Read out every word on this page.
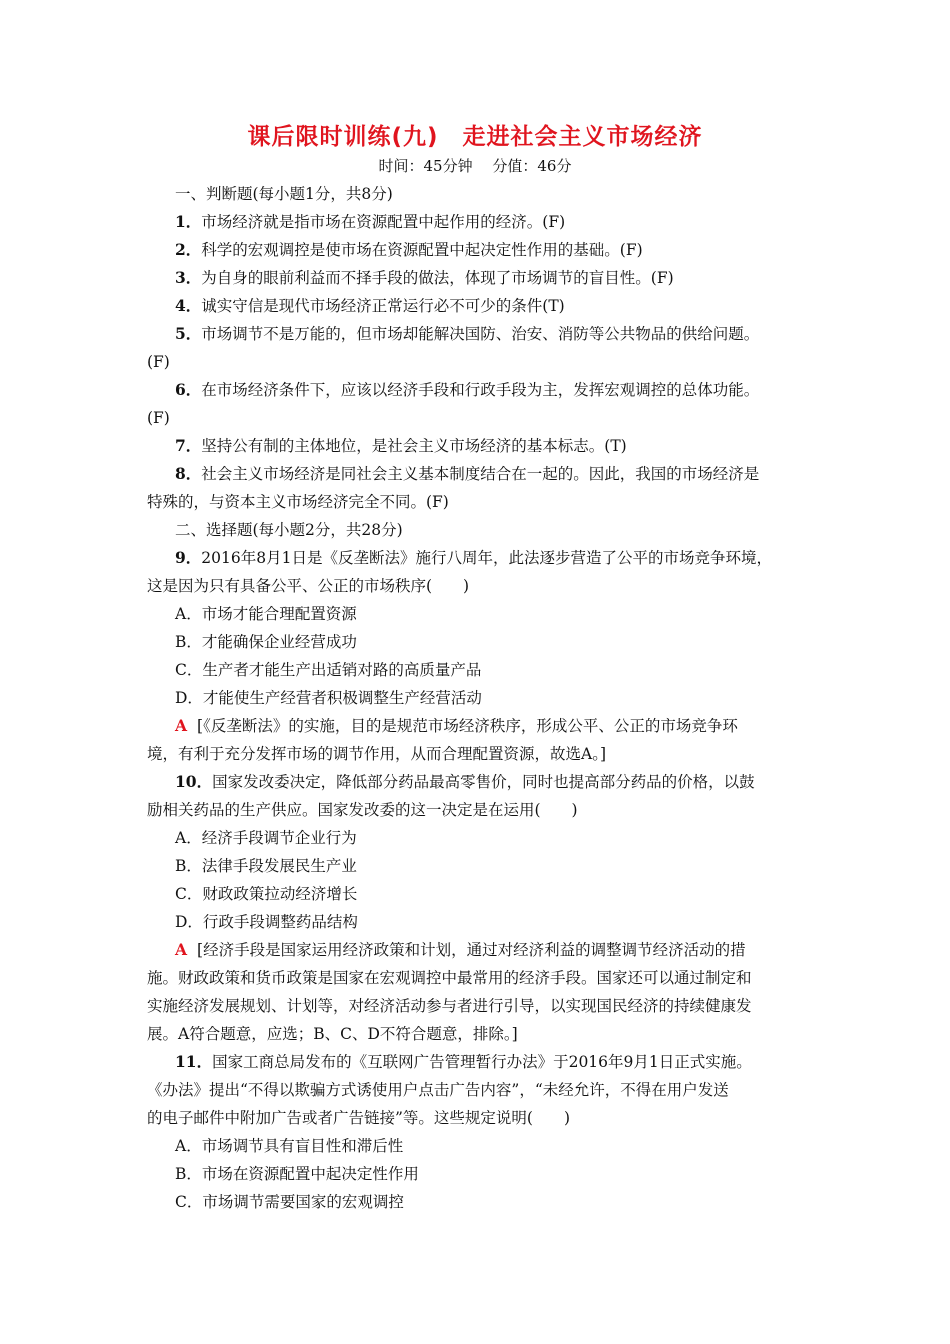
课后限时训练(九)　走进社会主义市场经济
时间：45分钟　 分值：46分
一、判断题(每小题1分，共8分)
1．市场经济就是指市场在资源配置中起作用的经济。(F)
2．科学的宏观调控是使市场在资源配置中起决定性作用的基础。(F)
3．为自身的眼前利益而不择手段的做法，体现了市场调节的盲目性。(F)
4．诚实守信是现代市场经济正常运行必不可少的条件(T)
5．市场调节不是万能的，但市场却能解决国防、治安、消防等公共物品的供给问题。
(F)
6．在市场经济条件下，应该以经济手段和行政手段为主，发挥宏观调控的总体功能。
(F)
7．坚持公有制的主体地位，是社会主义市场经济的基本标志。(T)
8．社会主义市场经济是同社会主义基本制度结合在一起的。因此，我国的市场经济是
特殊的，与资本主义市场经济完全不同。(F)
二、选择题(每小题2分，共28分)
9．2016年8月1日是《反垄断法》施行八周年，此法逐步营造了公平的市场竞争环境，
这是因为只有具备公平、公正的市场秩序(　　)
A．市场才能合理配置资源
B．才能确保企业经营成功
C．生产者才能生产出适销对路的高质量产品
D．才能使生产经营者积极调整生产经营活动
A [《反垄断法》的实施，目的是规范市场经济秩序，形成公平、公正的市场竞争环
境，有利于充分发挥市场的调节作用，从而合理配置资源，故选A。]
10．国家发改委决定，降低部分药品最高零售价，同时也提高部分药品的价格，以鼓
励相关药品的生产供应。国家发改委的这一决定是在运用(　　)
A．经济手段调节企业行为
B．法律手段发展民生产业
C．财政政策拉动经济增长
D．行政手段调整药品结构
A [经济手段是国家运用经济政策和计划，通过对经济利益的调整调节经济活动的措
施。财政政策和货币政策是国家在宏观调控中最常用的经济手段。国家还可以通过制定和
实施经济发展规划、计划等，对经济活动参与者进行引导，以实现国民经济的持续健康发
展。A符合题意，应选；B、C、D不符合题意，排除。]
11．国家工商总局发布的《互联网广告管理暂行办法》于2016年9月1日正式实施。
《办法》提出“不得以欺骗方式诱使用户点击广告内容”，“未经允许，不得在用户发送
的电子邮件中附加广告或者广告链接”等。这些规定说明(　　)
A．市场调节具有盲目性和滞后性
B．市场在资源配置中起决定性作用
C．市场调节需要国家的宏观调控
